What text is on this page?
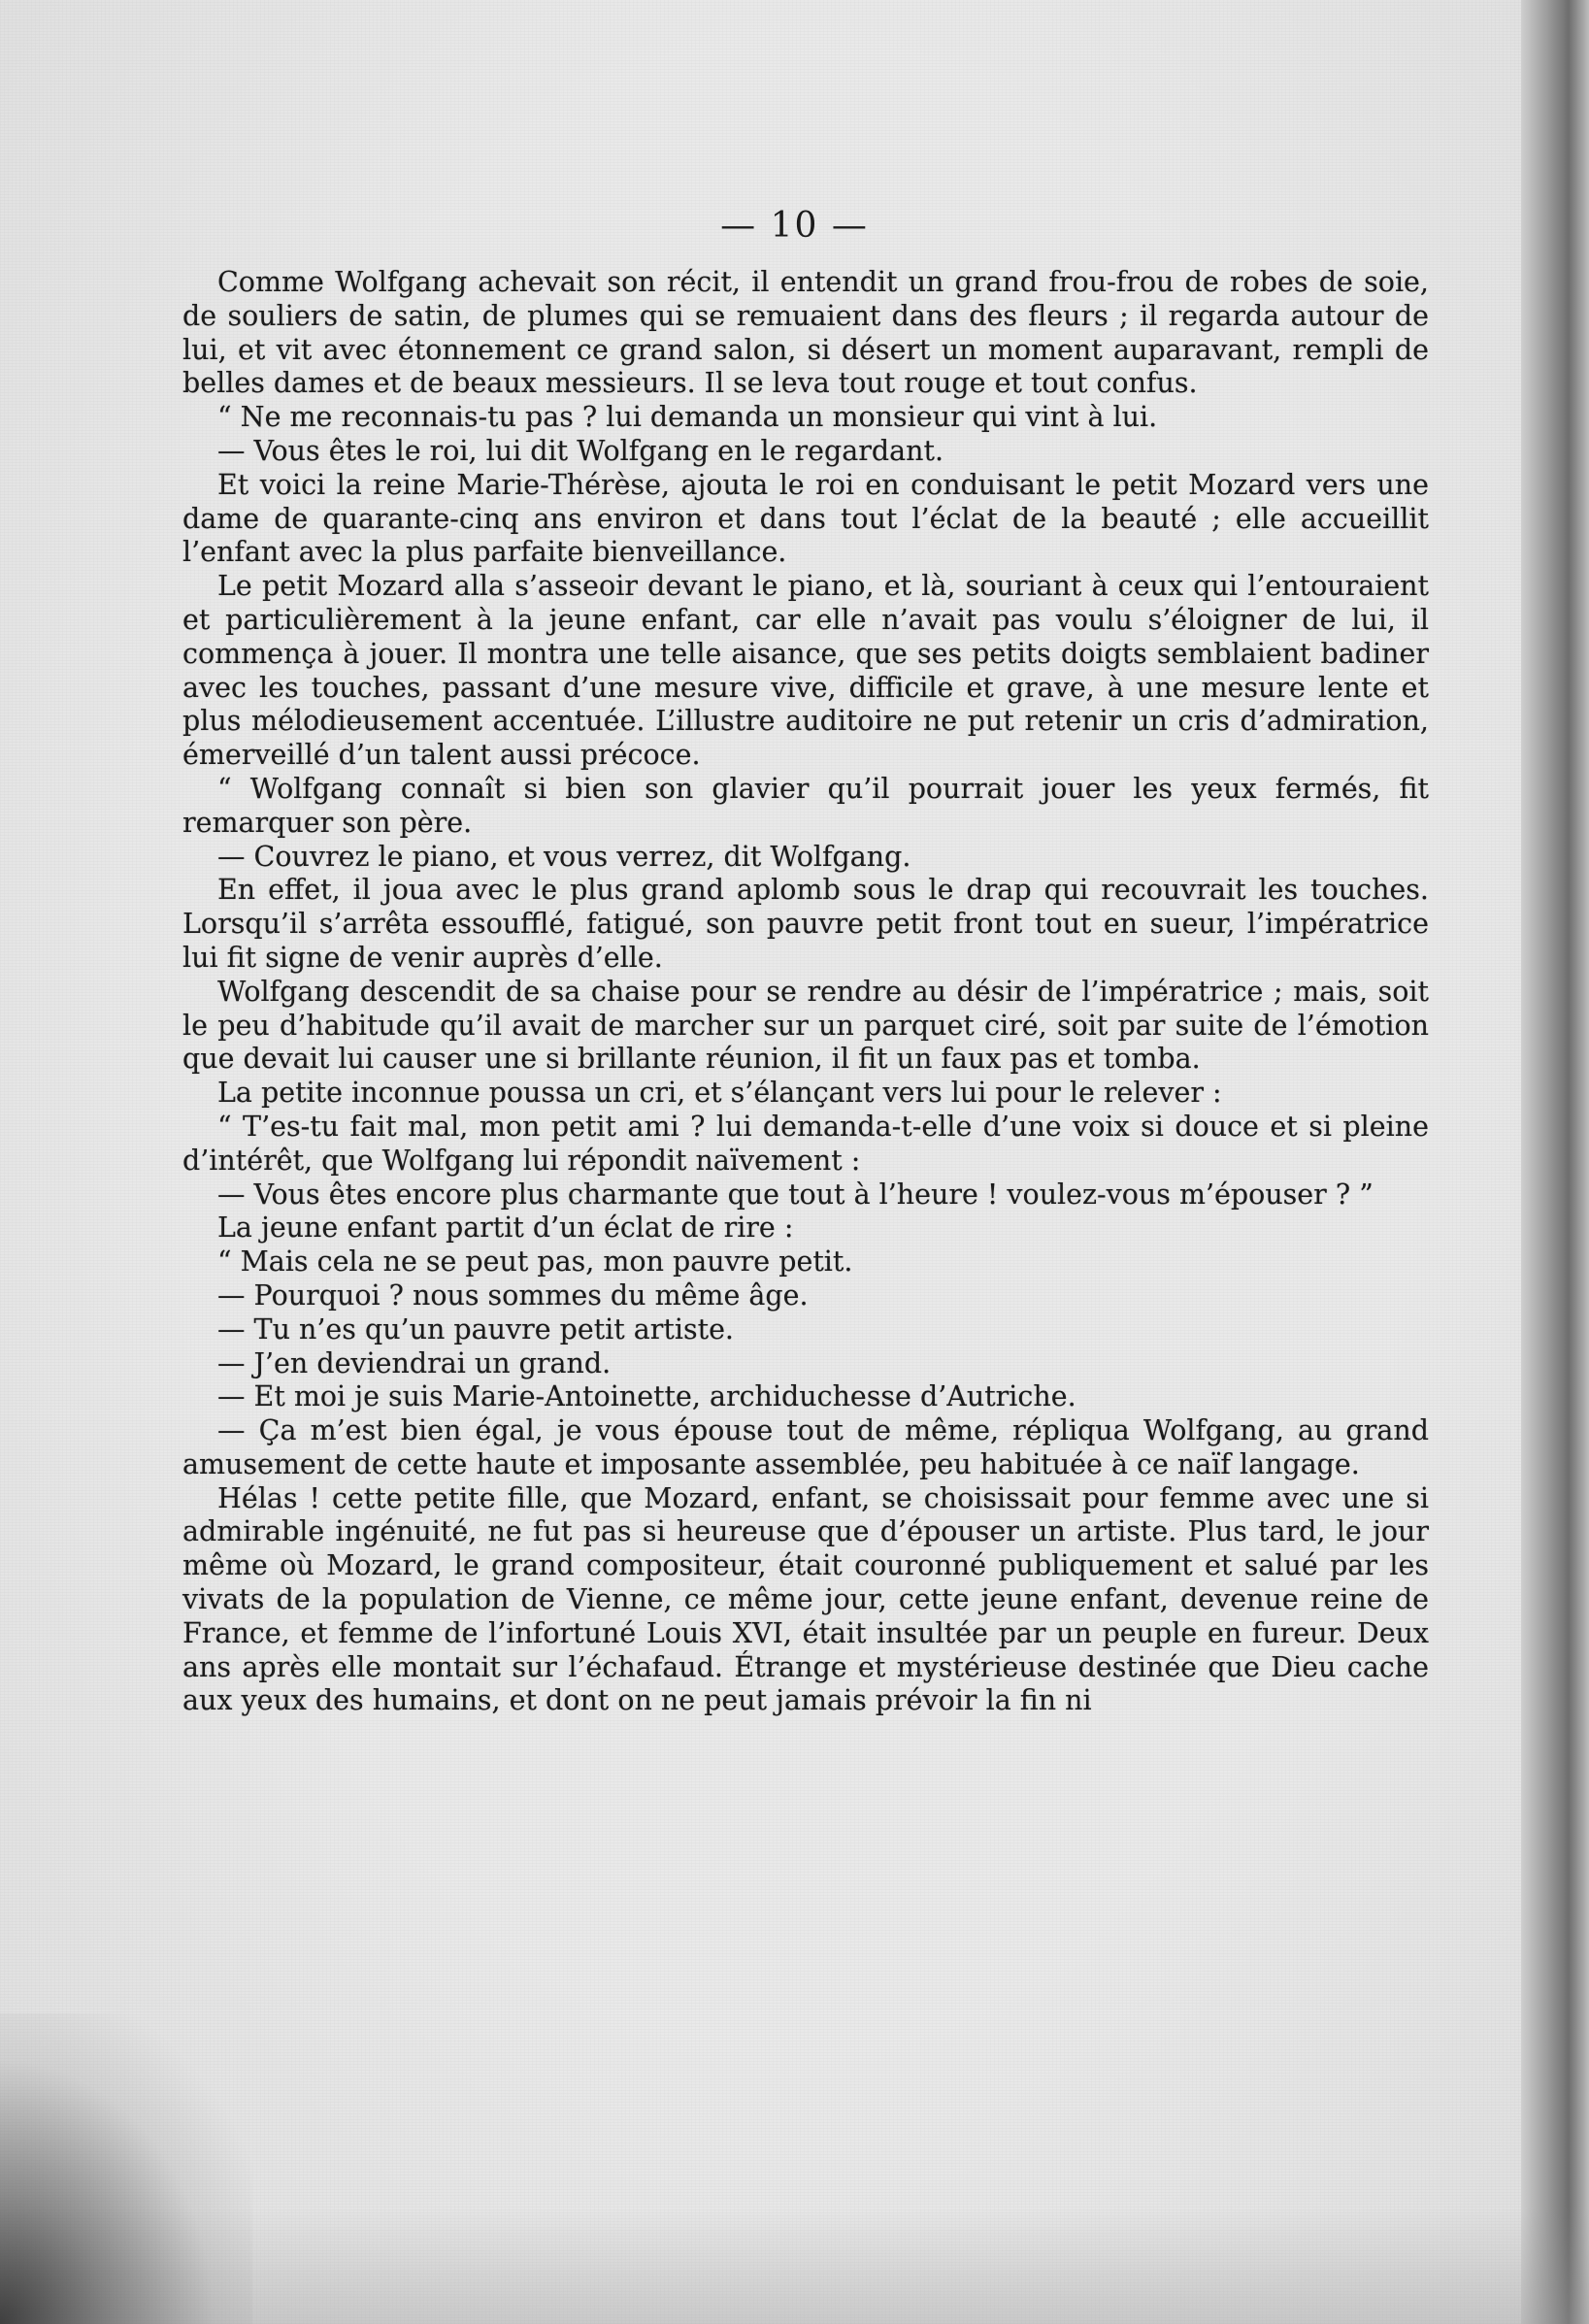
— 10 —

Comme Wolfgang achevait son récit, il entendit un grand frou-frou de robes de soie, de souliers de satin, de plumes qui se remuaient dans des fleurs ; il regarda autour de lui, et vit avec étonnement ce grand salon, si désert un moment auparavant, rempli de belles dames et de beaux messieurs. Il se leva tout rouge et tout confus.

“ Ne me reconnais-tu pas ? lui demanda un monsieur qui vint à lui.

— Vous êtes le roi, lui dit Wolfgang en le regardant.

Et voici la reine Marie-Thérèse, ajouta le roi en conduisant le petit Mozard vers une dame de quarante-cinq ans environ et dans tout l’éclat de la beauté ; elle accueillit l’enfant avec la plus parfaite bienveillance.

Le petit Mozard alla s’asseoir devant le piano, et là, souriant à ceux qui l’entouraient et particulièrement à la jeune enfant, car elle n’avait pas voulu s’éloigner de lui, il commença à jouer. Il montra une telle aisance, que ses petits doigts semblaient badiner avec les touches, passant d’une mesure vive, difficile et grave, à une mesure lente et plus mélodieusement accentuée. L’illustre auditoire ne put retenir un cris d’admiration, émerveillé d’un talent aussi précoce.

“ Wolfgang connaît si bien son glavier qu’il pourrait jouer les yeux fermés, fit remarquer son père.

— Couvrez le piano, et vous verrez, dit Wolfgang.

En effet, il joua avec le plus grand aplomb sous le drap qui recouvrait les touches. Lorsqu’il s’arrêta essoufflé, fatigué, son pauvre petit front tout en sueur, l’impératrice lui fit signe de venir auprès d’elle.

Wolfgang descendit de sa chaise pour se rendre au désir de l’impératrice ; mais, soit le peu d’habitude qu’il avait de marcher sur un parquet ciré, soit par suite de l’émotion que devait lui causer une si brillante réunion, il fit un faux pas et tomba.

La petite inconnue poussa un cri, et s’élançant vers lui pour le relever :

“ T’es-tu fait mal, mon petit ami ? lui demanda-t-elle d’une voix si douce et si pleine d’intérêt, que Wolfgang lui répondit naïvement :

— Vous êtes encore plus charmante que tout à l’heure ! voulez-vous m’épouser ? ”

La jeune enfant partit d’un éclat de rire :

“ Mais cela ne se peut pas, mon pauvre petit.

— Pourquoi ? nous sommes du même âge.

— Tu n’es qu’un pauvre petit artiste.

— J’en deviendrai un grand.

— Et moi je suis Marie-Antoinette, archiduchesse d’Autriche.

— Ça m’est bien égal, je vous épouse tout de même, répliqua Wolfgang, au grand amusement de cette haute et imposante assemblée, peu habituée à ce naïf langage.

Hélas ! cette petite fille, que Mozard, enfant, se choisissait pour femme avec une si admirable ingénuité, ne fut pas si heureuse que d’épouser un artiste. Plus tard, le jour même où Mozard, le grand compositeur, était couronné publiquement et salué par les vivats de la population de Vienne, ce même jour, cette jeune enfant, devenue reine de France, et femme de l’infortuné Louis XVI, était insultée par un peuple en fureur. Deux ans après elle montait sur l’échafaud. Étrange et mystérieuse destinée que Dieu cache aux yeux des humains, et dont on ne peut jamais prévoir la fin ni
